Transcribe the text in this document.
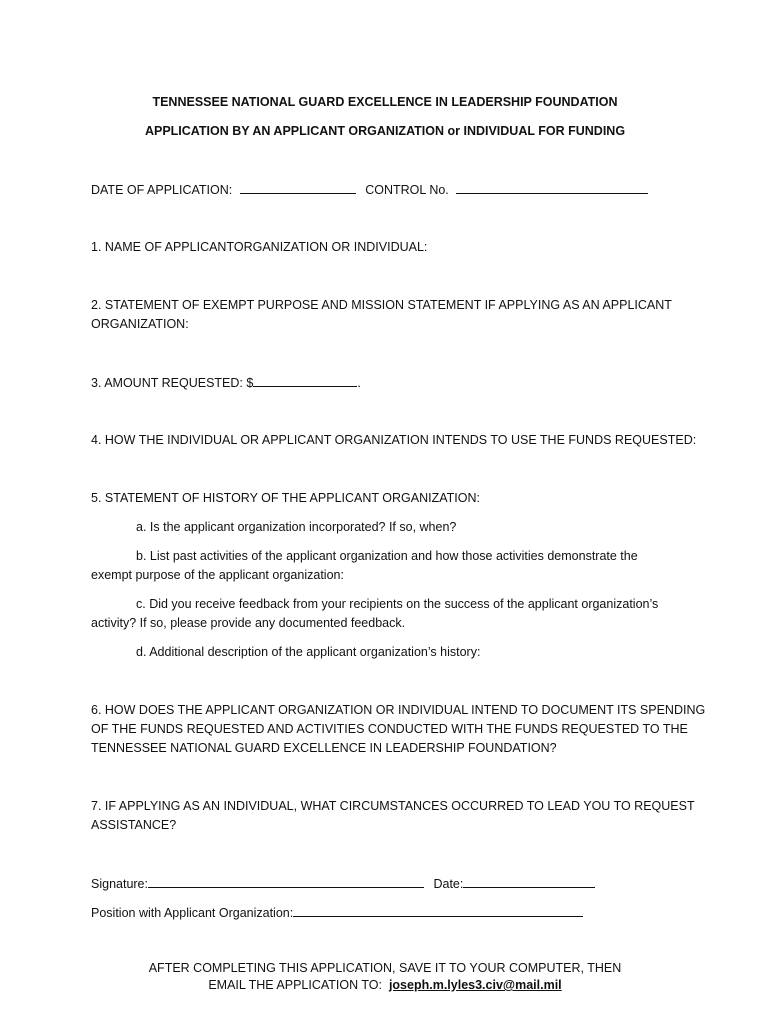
TENNESSEE NATIONAL GUARD EXCELLENCE IN LEADERSHIP FOUNDATION
APPLICATION BY AN APPLICANT ORGANIZATION or INDIVIDUAL FOR FUNDING
DATE OF APPLICATION:	CONTROL No.
1. NAME OF APPLICANTORGANIZATION OR INDIVIDUAL:
2. STATEMENT OF EXEMPT PURPOSE AND MISSION STATEMENT IF APPLYING AS AN APPLICANT
ORGANIZATION:
3. AMOUNT REQUESTED: $	.
4. HOW THE INDIVIDUAL OR APPLICANT ORGANIZATION INTENDS TO USE THE FUNDS REQUESTED:
5. STATEMENT OF HISTORY OF THE APPLICANT ORGANIZATION:
a. Is the applicant organization incorporated? If so, when?
b. List past activities of the applicant organization and how those activities demonstrate the
exempt purpose of the applicant organization:
c. Did you receive feedback from your recipients on the success of the applicant organization’s
activity? If so, please provide any documented feedback.
d. Additional description of the applicant organization’s history:
6. HOW DOES THE APPLICANT ORGANIZATION OR INDIVIDUAL INTEND TO DOCUMENT ITS SPENDING
OF THE FUNDS REQUESTED AND ACTIVITIES CONDUCTED WITH THE FUNDS REQUESTED TO THE
TENNESSEE NATIONAL GUARD EXCELLENCE IN LEADERSHIP FOUNDATION?
7. IF APPLYING AS AN INDIVIDUAL, WHAT CIRCUMSTANCES OCCURRED TO LEAD YOU TO REQUEST
ASSISTANCE?
Signature:	Date:
Position with Applicant Organization:
AFTER COMPLETING THIS APPLICATION, SAVE IT TO YOUR COMPUTER, THEN
EMAIL THE APPLICATION TO:  joseph.m.lyles3.civ@mail.mil
